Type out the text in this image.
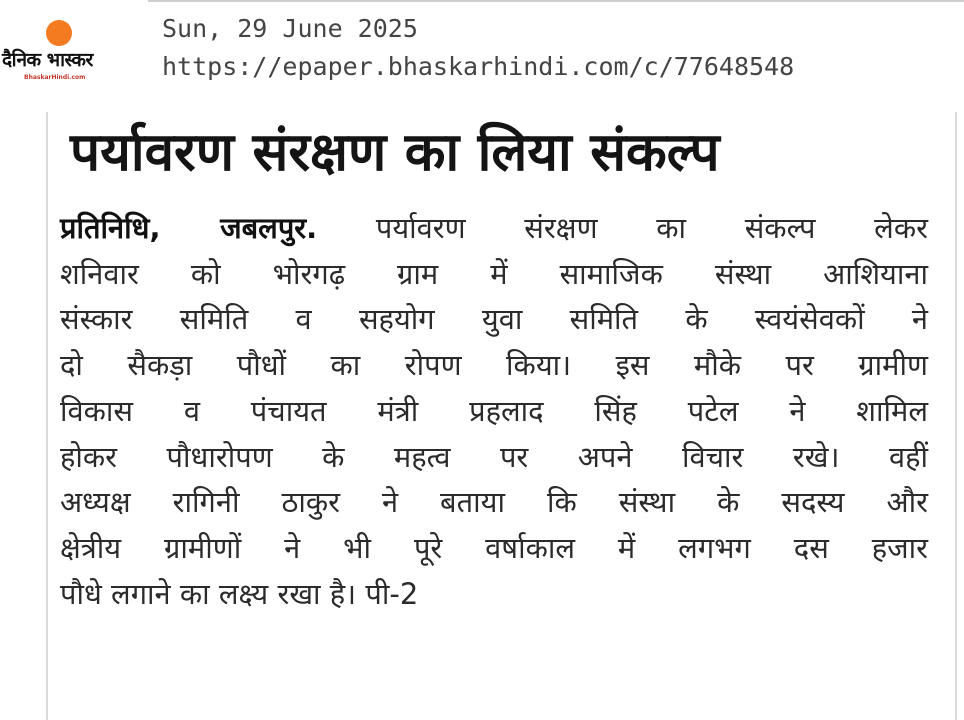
दैनिक भास्कर
BhaskarHindi.com
Sun, 29 June 2025
https://epaper.bhaskarhindi.com/c/77648548
पर्यावरण संरक्षण का लिया संकल्प
प्रतिनिधि, जबलपुर. पर्यावरण संरक्षण का संकल्प लेकर
शनिवार को भोरगढ़ ग्राम में सामाजिक संस्था आशियाना
संस्कार समिति व सहयोग युवा समिति के स्वयंसेवकों ने
दो सैकड़ा पौधों का रोपण किया। इस मौके पर ग्रामीण
विकास व पंचायत मंत्री प्रहलाद सिंह पटेल ने शामिल
होकर पौधारोपण के महत्व पर अपने विचार रखे। वहीं
अध्यक्ष रागिनी ठाकुर ने बताया कि संस्था के सदस्य और
क्षेत्रीय ग्रामीणों ने भी पूरे वर्षाकाल में लगभग दस हजार
पौधे लगाने का लक्ष्य रखा है। पी-2
